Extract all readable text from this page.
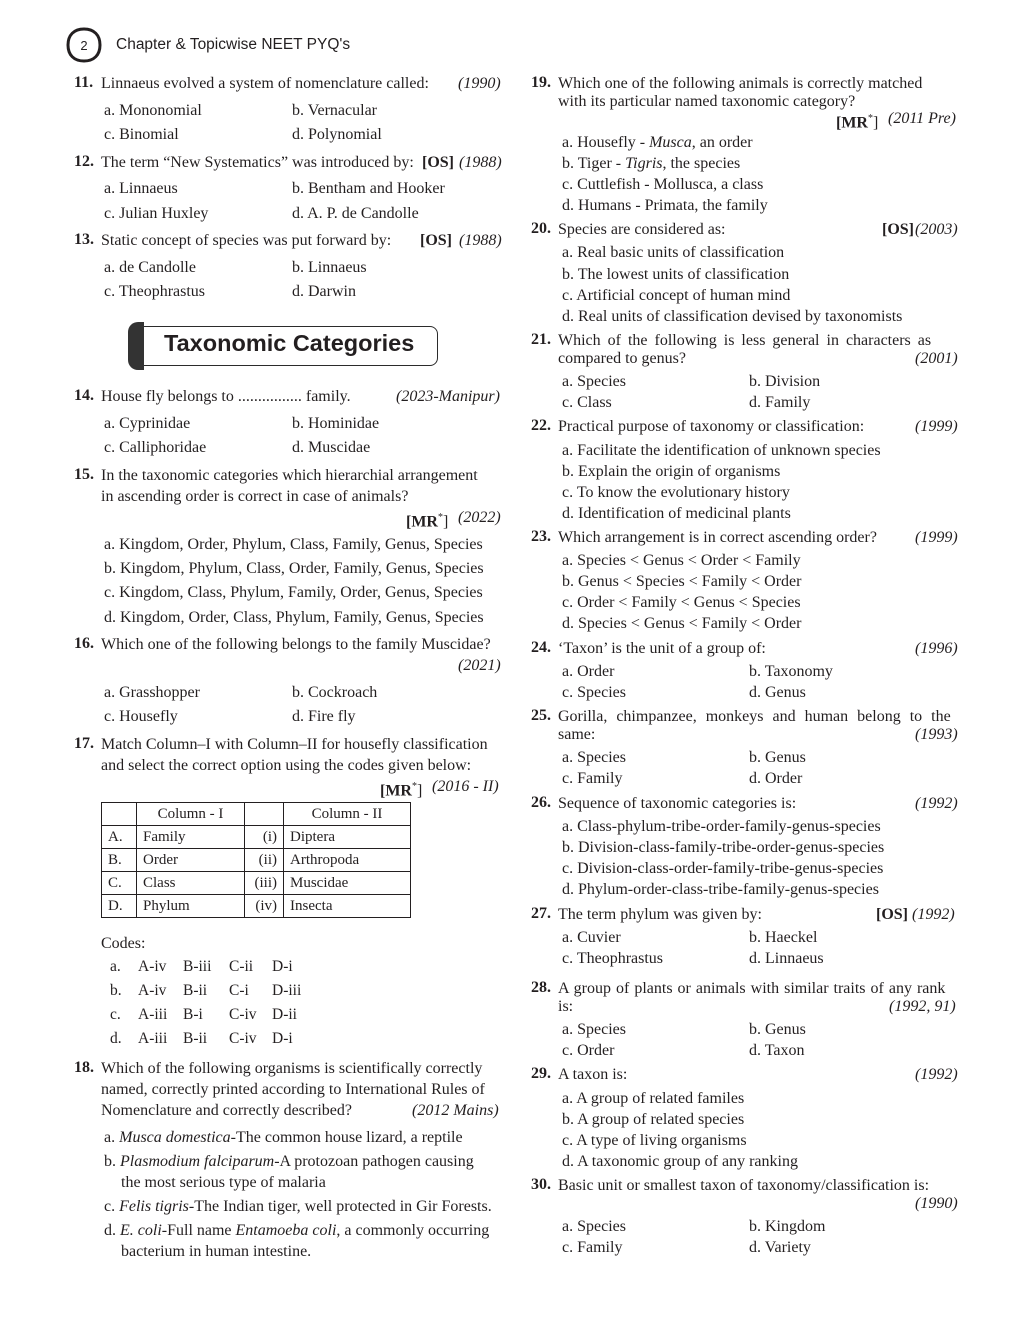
2 Chapter & Topicwise NEET PYQ's
11. Linnaeus evolved a system of nomenclature called: (1990)
a. Mononomial	b. Vernacular
c. Binomial	d. Polynomial
12. The term “New Systematics” was introduced by: [OS] (1988)
a. Linnaeus	b. Bentham and Hooker
c. Julian Huxley	d. A. P. de Candolle
13. Static concept of species was put forward by: [OS] (1988)
a. de Candolle	b. Linnaeus
c. Theophrastus	d. Darwin
Taxonomic Categories
14. House fly belongs to ................ family.	(2023-Manipur)
a. Cyprinidae	b. Hominidae
c. Calliphoridae	d. Muscidae
15. In the taxonomic categories which hierarchial arrangement
in ascending order is correct in case of animals?
[MR*] (2022)
a. Kingdom, Order, Phylum, Class, Family, Genus, Species
b. Kingdom, Phylum, Class, Order, Family, Genus, Species
c. Kingdom, Class, Phylum, Family, Order, Genus, Species
d. Kingdom, Order, Class, Phylum, Family, Genus, Species
16. Which one of the following belongs to the family Muscidae?
(2021)
a. Grasshopper	b. Cockroach
c. Housefly	d. Fire fly
17. Match Column–I with Column–II for housefly classification
and select the correct option using the codes given below:
[MR*] (2016 - II)
	Column - I		Column - II
A.	Family	(i)	Diptera
B.	Order	(ii)	Arthropoda
C.	Class	(iii)	Muscidae
D.	Phylum	(iv)	Insecta
Codes:
a. A-iv B-iii C-ii D-i
b. A-iv B-ii C-i D-iii
c. A-iii B-i C-iv D-ii
d. A-iii B-ii C-iv D-i
18. Which of the following organisms is scientifically correctly
named, correctly printed according to International Rules of
Nomenclature and correctly described?	(2012 Mains)
a. Musca domestica-The common house lizard, a reptile
b. Plasmodium falciparum-A protozoan pathogen causing
the most serious type of malaria
c. Felis tigris-The Indian tiger, well protected in Gir Forests.
d. E. coli-Full name Entamoeba coli, a commonly occurring
bacterium in human intestine.
19. Which one of the following animals is correctly matched
with its particular named taxonomic category?
[MR*] (2011 Pre)
a. Housefly - Musca, an order
b. Tiger - Tigris, the species
c. Cuttlefish - Mollusca, a class
d. Humans - Primata, the family
20. Species are considered as:	[OS] (2003)
a. Real basic units of classification
b. The lowest units of classification
c. Artificial concept of human mind
d. Real units of classification devised by taxonomists
21. Which of the following is less general in characters as
compared to genus?	(2001)
a. Species	b. Division
c. Class	d. Family
22. Practical purpose of taxonomy or classification:	(1999)
a. Facilitate the identification of unknown species
b. Explain the origin of organisms
c. To know the evolutionary history
d. Identification of medicinal plants
23. Which arrangement is in correct ascending order? (1999)
a. Species < Genus < Order < Family
b. Genus < Species < Family < Order
c. Order < Family < Genus < Species
d. Species < Genus < Family < Order
24. ‘Taxon’ is the unit of a group of:	(1996)
a. Order	b. Taxonomy
c. Species	d. Genus
25. Gorilla, chimpanzee, monkeys and human belong to the
same:	(1993)
a. Species	b. Genus
c. Family	d. Order
26. Sequence of taxonomic categories is:	(1992)
a. Class-phylum-tribe-order-family-genus-species
b. Division-class-family-tribe-order-genus-species
c. Division-class-order-family-tribe-genus-species
d. Phylum-order-class-tribe-family-genus-species
27. The term phylum was given by:	[OS] (1992)
a. Cuvier	b. Haeckel
c. Theophrastus	d. Linnaeus
28. A group of plants or animals with similar traits of any rank
is:	(1992, 91)
a. Species	b. Genus
c. Order	d. Taxon
29. A taxon is:	(1992)
a. A group of related familes
b. A group of related species
c. A type of living organisms
d. A taxonomic group of any ranking
30. Basic unit or smallest taxon of taxonomy/classification is:
(1990)
a. Species	b. Kingdom
c. Family	d. Variety
